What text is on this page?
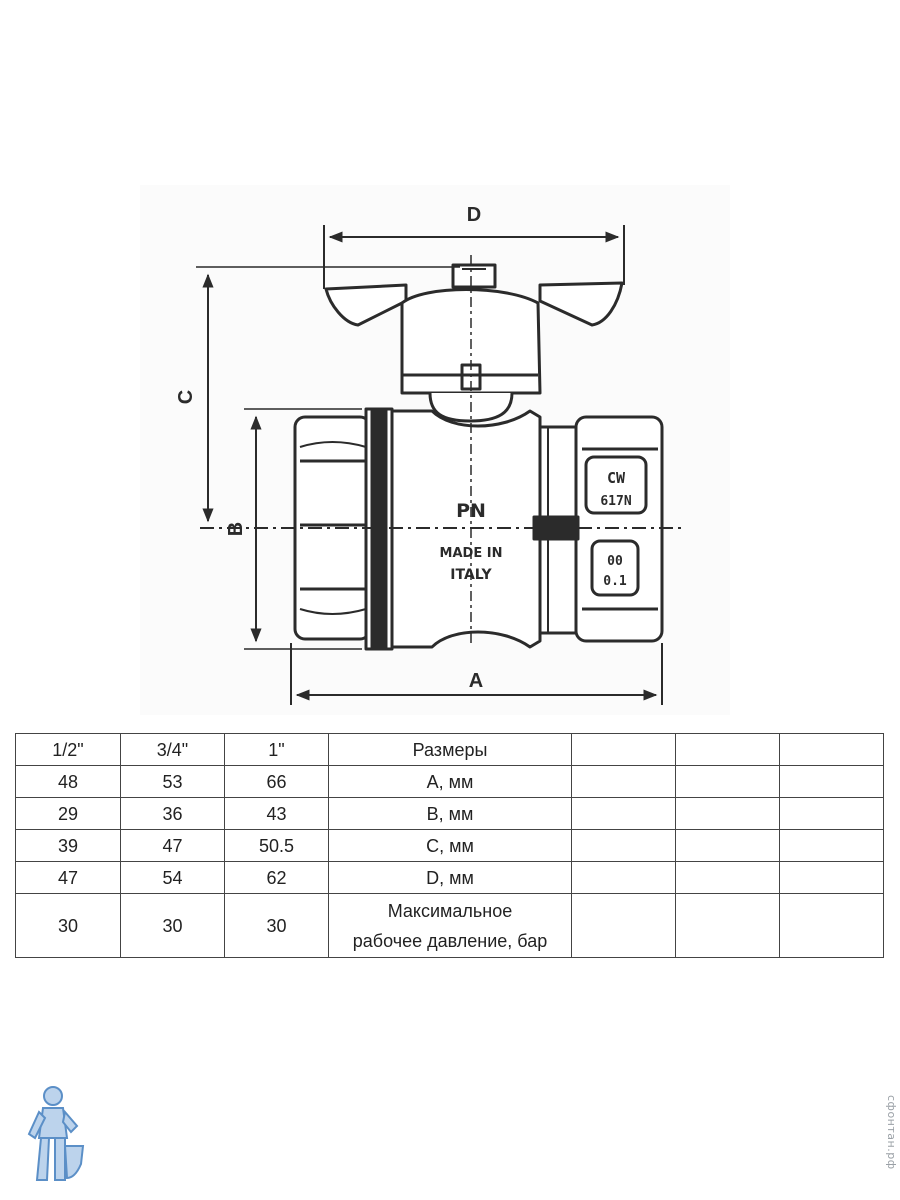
PN
MADE IN
ITALY
CW
617N
00
0.1
D
C
B
A
1/2"	3/4"	1"	Размеры			
48	53	66	A, мм			
29	36	43	B, мм			
39	47	50.5	C, мм			
47	54	62	D, мм			
30	30	30	Максимальное
рабочее давление, бар			

сфонтан.рф
